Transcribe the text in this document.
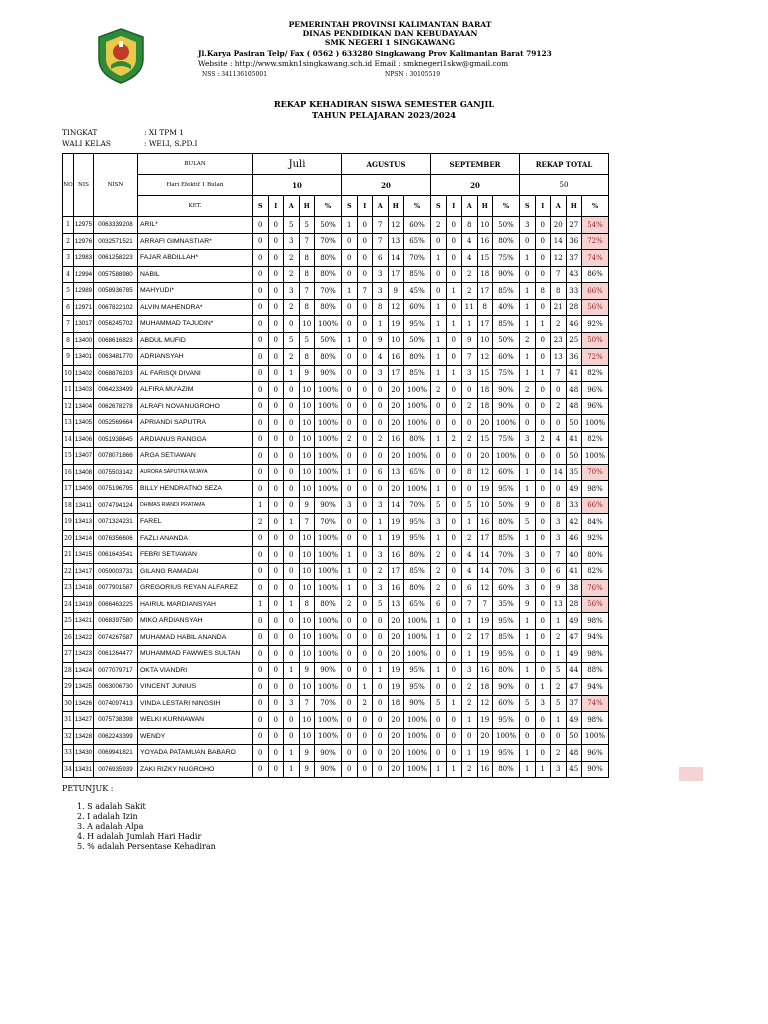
PEMERINTAH PROVINSI KALIMANTAN BARAT
DINAS PENDIDIKAN DAN KEBUDAYAAN
SMK NEGERI 1 SINGKAWANG
Jl.Karya Pasiran Telp/ Fax ( 0562 ) 633280 Singkawang Prov Kalimantan Barat 79123
Website : http://www.smkn1singkawang.sch.id Email : smknegeri1skw@gmail.com
NSS : 341136105001	NPSN : 30105519
REKAP KEHADIRAN SISWA SEMESTER GANJIL
TAHUN PELAJARAN 2023/2024
TINGKAT	: XI TPM 1
WALI KELAS	: WELI, S.PD.I
NO	NIS	NISN	BULAN	Juli					AGUSTUS					SEPTEMBER					REKAP TOTAL				
			Hari Efektif 1 Bulan	10					20					20					50				
			KET.	S	I	A	H	%	S	I	A	H	%	S	I	A	H	%	S	I	A	H	%
1	12975	0063339208	ARIL*	0	0	5	5	50%	1	0	7	12	60%	2	0	8	10	50%	3	0	20	27	54%
2	12976	0032571521	ARRAFI GIMNASTIAR*	0	0	3	7	70%	0	0	7	13	65%	0	0	4	16	80%	0	0	14	36	72%
3	12983	0061258223	FAJAR ABDILLAH*	0	0	2	8	80%	0	0	6	14	70%	1	0	4	15	75%	1	0	12	37	74%
4	12994	0057588980	NABIL	0	0	2	8	80%	0	0	3	17	85%	0	0	2	18	90%	0	0	7	43	86%
5	12989	0058936785	MAHYUDI*	0	0	3	7	70%	1	7	3	9	45%	0	1	2	17	85%	1	8	8	33	66%
6	12971	0067822102	ALVIN MAHENDRA*	0	0	2	8	80%	0	0	8	12	60%	1	0	11	8	40%	1	0	21	28	56%
7	13017	0056245702	MUHAMMAD TAJUDIN*	0	0	0	10	100%	0	0	1	19	95%	1	1	1	17	85%	1	1	2	46	92%
8	13400	0068616823	ABDUL MUFID	0	0	5	5	50%	1	0	9	10	50%	1	0	9	10	50%	2	0	23	25	50%
9	13401	0063481770	ADRIANSYAH	0	0	2	8	80%	0	0	4	16	80%	1	0	7	12	60%	1	0	13	36	72%
10	13402	0068876203	AL FARISQI DIVANI	0	0	1	9	90%	0	0	3	17	85%	1	1	3	15	75%	1	1	7	41	82%
11	13403	0064233499	ALFIRA MU'AZIM	0	0	0	10	100%	0	0	0	20	100%	2	0	0	18	90%	2	0	0	48	96%
12	13404	0062678278	ALRAFI NOVANUGROHO	0	0	0	10	100%	0	0	0	20	100%	0	0	2	18	90%	0	0	2	48	96%
13	13405	0052569664	APRIANDI SAPUTRA	0	0	0	10	100%	0	0	0	20	100%	0	0	0	20	100%	0	0	0	50	100%
14	13406	0051938645	ARDIANUS RANGGA	0	0	0	10	100%	2	0	2	16	80%	1	2	2	15	75%	3	2	4	41	82%
15	13407	0078071866	ARGA SETIAWAN	0	0	0	10	100%	0	0	0	20	100%	0	0	0	20	100%	0	0	0	50	100%
16	13408	0075503142	AURORA SAPUTRA WIJAYA	0	0	0	10	100%	1	0	6	13	65%	0	0	8	12	60%	1	0	14	35	70%
17	13409	0075196795	BILLY HENDRATNO SEZA	0	0	0	10	100%	0	0	0	20	100%	1	0	0	19	95%	1	0	0	49	98%
18	13411	0074794124	DHIMAS RIANDI PRATAMA	1	0	0	9	90%	3	0	3	14	70%	5	0	5	10	50%	9	0	8	33	66%
19	13413	0071324231	FAREL	2	0	1	7	70%	0	0	1	19	95%	3	0	1	16	80%	5	0	3	42	84%
20	13414	0076356606	FAZLI ANANDA	0	0	0	10	100%	0	0	1	19	95%	1	0	2	17	85%	1	0	3	46	92%
21	13415	0061643541	FEBRI SETIAWAN	0	0	0	10	100%	1	0	3	16	80%	2	0	4	14	70%	3	0	7	40	80%
22	13417	0059003731	GILANG RAMADAI	0	0	0	10	100%	1	0	2	17	85%	2	0	4	14	70%	3	0	6	41	82%
23	13418	0077901587	GREGORIUS REYAN ALFAREZ	0	0	0	10	100%	1	0	3	16	80%	2	0	6	12	60%	3	0	9	38	76%
24	13419	0066463225	HAIRUL MARDIANSYAH	1	0	1	8	80%	2	0	5	13	65%	6	0	7	7	35%	9	0	13	28	56%
25	13421	0068397580	MIKO ARDIANSYAH	0	0	0	10	100%	0	0	0	20	100%	1	0	1	19	95%	1	0	1	49	98%
26	13422	0074267587	MUHAMAD HABIL ANANDA	0	0	0	10	100%	0	0	0	20	100%	1	0	2	17	85%	1	0	2	47	94%
27	13423	0061264477	MUHAMMAD FAWWES SULTAN	0	0	0	10	100%	0	0	0	20	100%	0	0	1	19	95%	0	0	1	49	98%
28	13424	0077079717	OKTA VIANDRI	0	0	1	9	90%	0	0	1	19	95%	1	0	3	16	80%	1	0	5	44	88%
29	13425	0063006730	VINCENT JUNIUS	0	0	0	10	100%	0	1	0	19	95%	0	0	2	18	90%	0	1	2	47	94%
30	13426	0074097413	VINDA LESTARI NINGSIH	0	0	3	7	70%	0	2	0	18	90%	5	1	2	12	60%	5	3	5	37	74%
31	13427	0075738398	WELKI KURNIAWAN	0	0	0	10	100%	0	0	0	20	100%	0	0	1	19	95%	0	0	1	49	98%
32	13428	0062243399	WENDY	0	0	0	10	100%	0	0	0	20	100%	0	0	0	20	100%	0	0	0	50	100%
33	13430	0069941821	YOYADA PATAMUAN BABARO	0	0	1	9	90%	0	0	0	20	100%	0	0	1	19	95%	1	0	2	48	96%
34	13431	0076935939	ZAKI RIZKY NUGROHO	0	0	1	9	90%	0	0	0	20	100%	1	1	2	16	80%	1	1	3	45	90%
PETUNJUK :
1. S adalah Sakit
2. I adalah Izin
3. A adalah Alpa
4. H adalah Jumlah Hari Hadir
5. % adalah Persentase Kehadiran
